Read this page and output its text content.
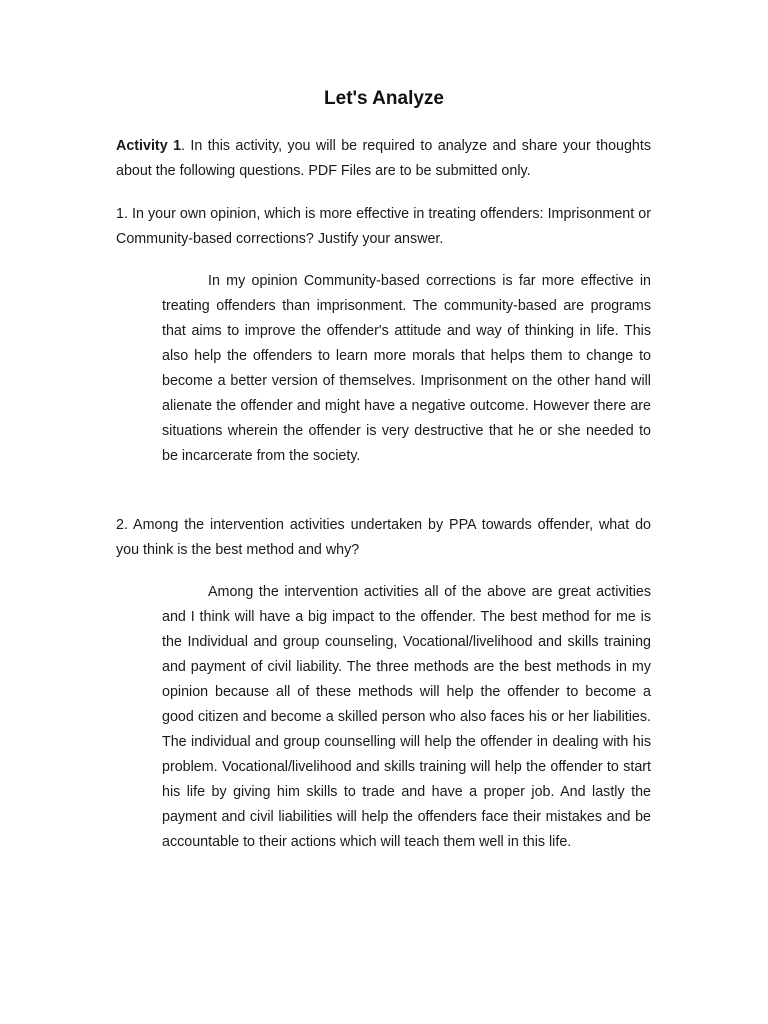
Let's Analyze

Activity 1. In this activity, you will be required to analyze and share your thoughts about the following questions. PDF Files are to be submitted only.

1. In your own opinion, which is more effective in treating offenders: Imprisonment or Community-based corrections? Justify your answer.

In my opinion Community-based corrections is far more effective in treating offenders than imprisonment. The community-based are programs that aims to improve the offender's attitude and way of thinking in life. This also help the offenders to learn more morals that helps them to change to become a better version of themselves. Imprisonment on the other hand will alienate the offender and might have a negative outcome. However there are situations wherein the offender is very destructive that he or she needed to be incarcerate from the society.

2. Among the intervention activities undertaken by PPA towards offender, what do you think is the best method and why?

Among the intervention activities all of the above are great activities and I think will have a big impact to the offender. The best method for me is the Individual and group counseling, Vocational/livelihood and skills training and payment of civil liability. The three methods are the best methods in my opinion because all of these methods will help the offender to become a good citizen and become a skilled person who also faces his or her liabilities. The individual and group counselling will help the offender in dealing with his problem. Vocational/livelihood and skills training will help the offender to start his life by giving him skills to trade and have a proper job. And lastly the payment and civil liabilities will help the offenders face their mistakes and be accountable to their actions which will teach them well in this life.
